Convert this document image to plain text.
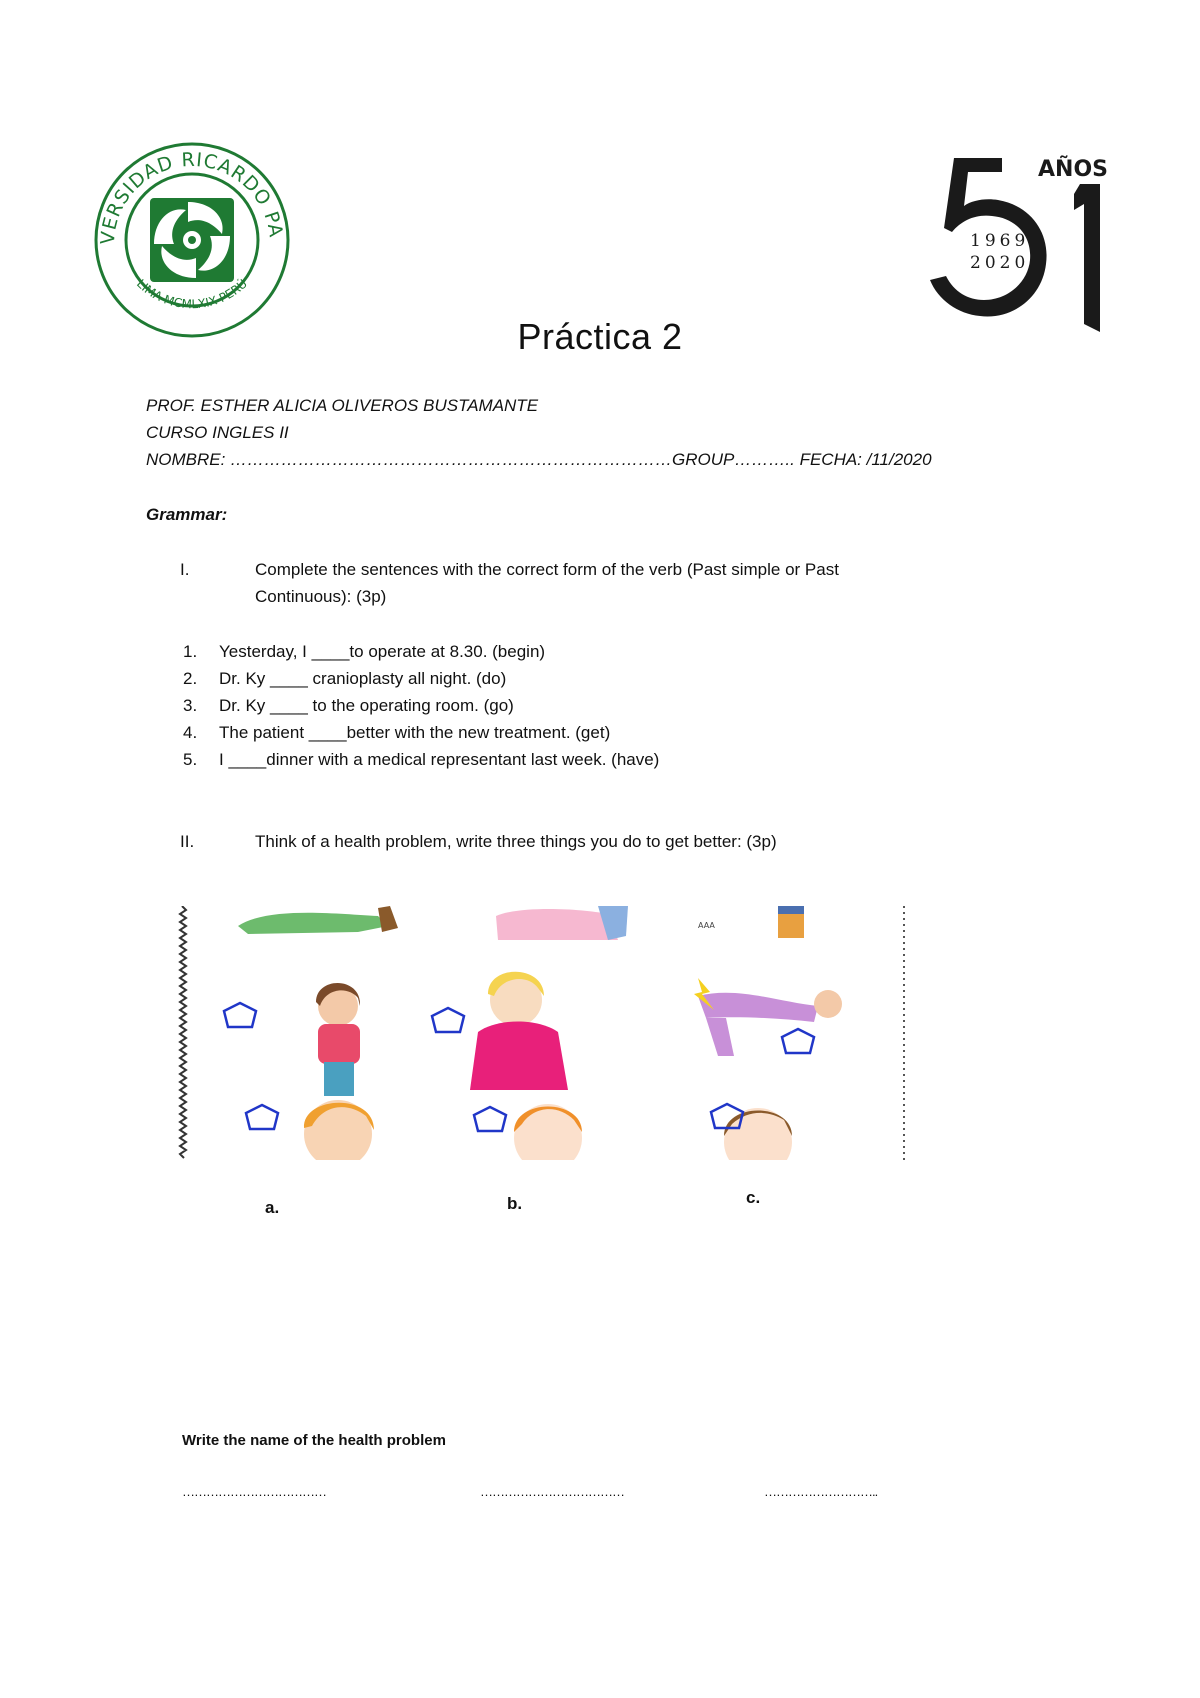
VERSIDAD RICARDO PA
LIMA MCMLXIX PERÚ
AÑOS
1969
2020
Práctica 2
PROF. ESTHER ALICIA OLIVEROS BUSTAMANTE
CURSO INGLES II
NOMBRE: ……………………………………………………………………GROUP……….. FECHA: /11/2020
Grammar:
I.	Complete the sentences with the correct form of the verb (Past simple or Past
Continuous): (3p)
1. Yesterday, I ____to operate at 8.30. (begin)
2. Dr. Ky ____ cranioplasty all night. (do)
3. Dr. Ky ____ to the operating room. (go)
4. The patient ____better with the new treatment. (get)
5. I ____dinner with a medical representant last week. (have)
II.	Think of a health problem, write three things you do to get better: (3p)
AAA
a.	b.	c.
Write the name of the health problem
………………………………	………………………………	………………………..
